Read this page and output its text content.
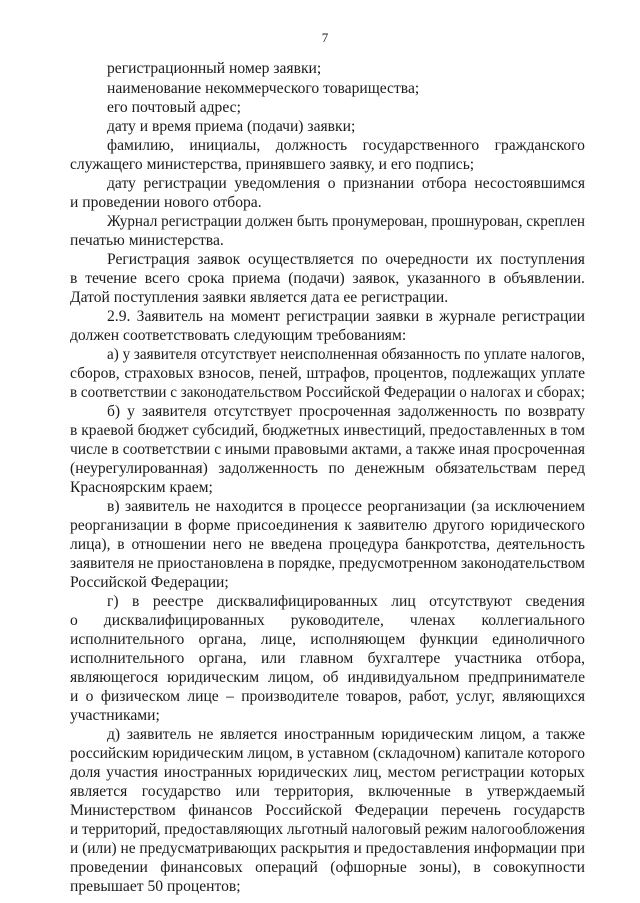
7
регистрационный номер заявки;
наименование некоммерческого товарищества;
его почтовый адрес;
дату и время приема (подачи) заявки;
фамилию, инициалы, должность государственного гражданского
служащего министерства, принявшего заявку, и его подпись;
дату регистрации уведомления о признании отбора несостоявшимся
и проведении нового отбора.
Журнал регистрации должен быть пронумерован, прошнурован, скреплен
печатью министерства.
Регистрация заявок осуществляется по очередности их поступления
в течение всего срока приема (подачи) заявок, указанного в объявлении.
Датой поступления заявки является дата ее регистрации.
2.9. Заявитель на момент регистрации заявки в журнале регистрации
должен соответствовать следующим требованиям:
а) у заявителя отсутствует неисполненная обязанность по уплате налогов,
сборов, страховых взносов, пеней, штрафов, процентов, подлежащих уплате
в соответствии с законодательством Российской Федерации о налогах и сборах;
б) у заявителя отсутствует просроченная задолженность по возврату
в краевой бюджет субсидий, бюджетных инвестиций, предоставленных в том
числе в соответствии с иными правовыми актами, а также иная просроченная
(неурегулированная) задолженность по денежным обязательствам перед
Красноярским краем;
в) заявитель не находится в процессе реорганизации (за исключением
реорганизации в форме присоединения к заявителю другого юридического
лица), в отношении него не введена процедура банкротства, деятельность
заявителя не приостановлена в порядке, предусмотренном законодательством
Российской Федерации;
г) в реестре дисквалифицированных лиц отсутствуют сведения
о дисквалифицированных руководителе, членах коллегиального
исполнительного органа, лице, исполняющем функции единоличного
исполнительного органа, или главном бухгалтере участника отбора,
являющегося юридическим лицом, об индивидуальном предпринимателе
и о физическом лице – производителе товаров, работ, услуг, являющихся
участниками;
д) заявитель не является иностранным юридическим лицом, а также
российским юридическим лицом, в уставном (складочном) капитале которого
доля участия иностранных юридических лиц, местом регистрации которых
является государство или территория, включенные в утверждаемый
Министерством финансов Российской Федерации перечень государств
и территорий, предоставляющих льготный налоговый режим налогообложения
и (или) не предусматривающих раскрытия и предоставления информации при
проведении финансовых операций (офшорные зоны), в совокупности
превышает 50 процентов;
